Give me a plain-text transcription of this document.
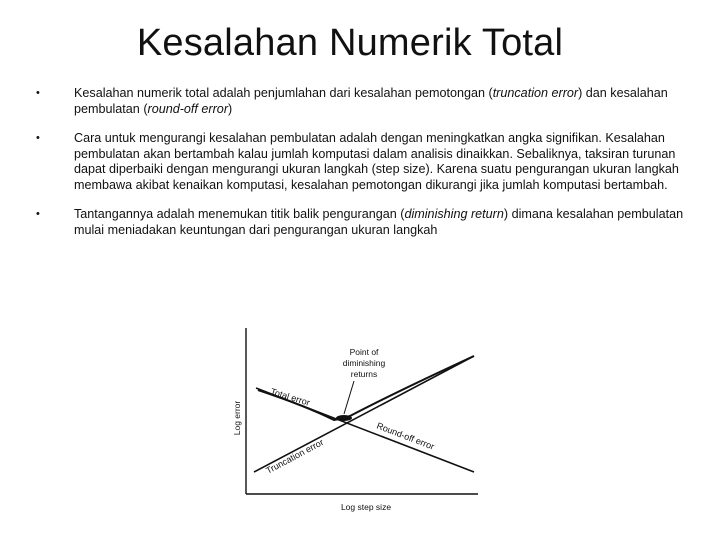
Kesalahan Numerik Total
•	Kesalahan numerik total adalah penjumlahan dari kesalahan pemotongan (truncation error) dan kesalahan pembulatan (round-off error)
•	Cara untuk mengurangi kesalahan pembulatan adalah dengan meningkatkan angka signifikan. Kesalahan pembulatan akan bertambah kalau jumlah komputasi dalam analisis dinaikkan. Sebaliknya, taksiran turunan dapat diperbaiki dengan mengurangi ukuran langkah (step size). Karena suatu pengurangan ukuran langkah membawa akibat kenaikan komputasi, kesalahan pemotongan dikurangi jika jumlah komputasi bertambah.
•	Tantangannya adalah menemukan titik balik pengurangan (diminishing return) dimana kesalahan pembulatan mulai meniadakan keuntungan dari pengurangan ukuran langkah
Point of
diminishing
returns
Total error
Round-off error
Truncation error
Log error
Log step size
